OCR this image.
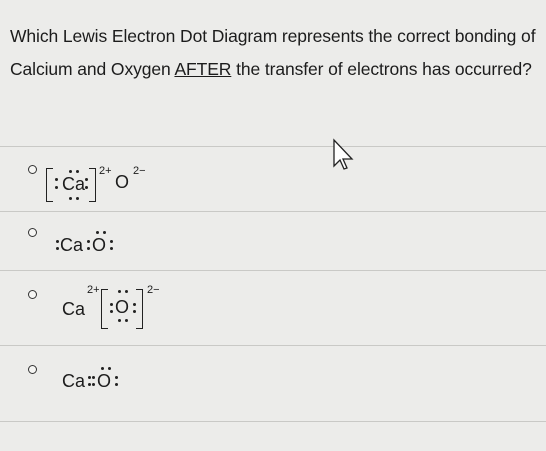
Which Lewis Electron Dot Diagram represents the correct bonding of Calcium and Oxygen AFTER the transfer of electrons has occurred?
Ca
2+
O
2−
Ca O
Ca
2+
O
2−
Ca O
